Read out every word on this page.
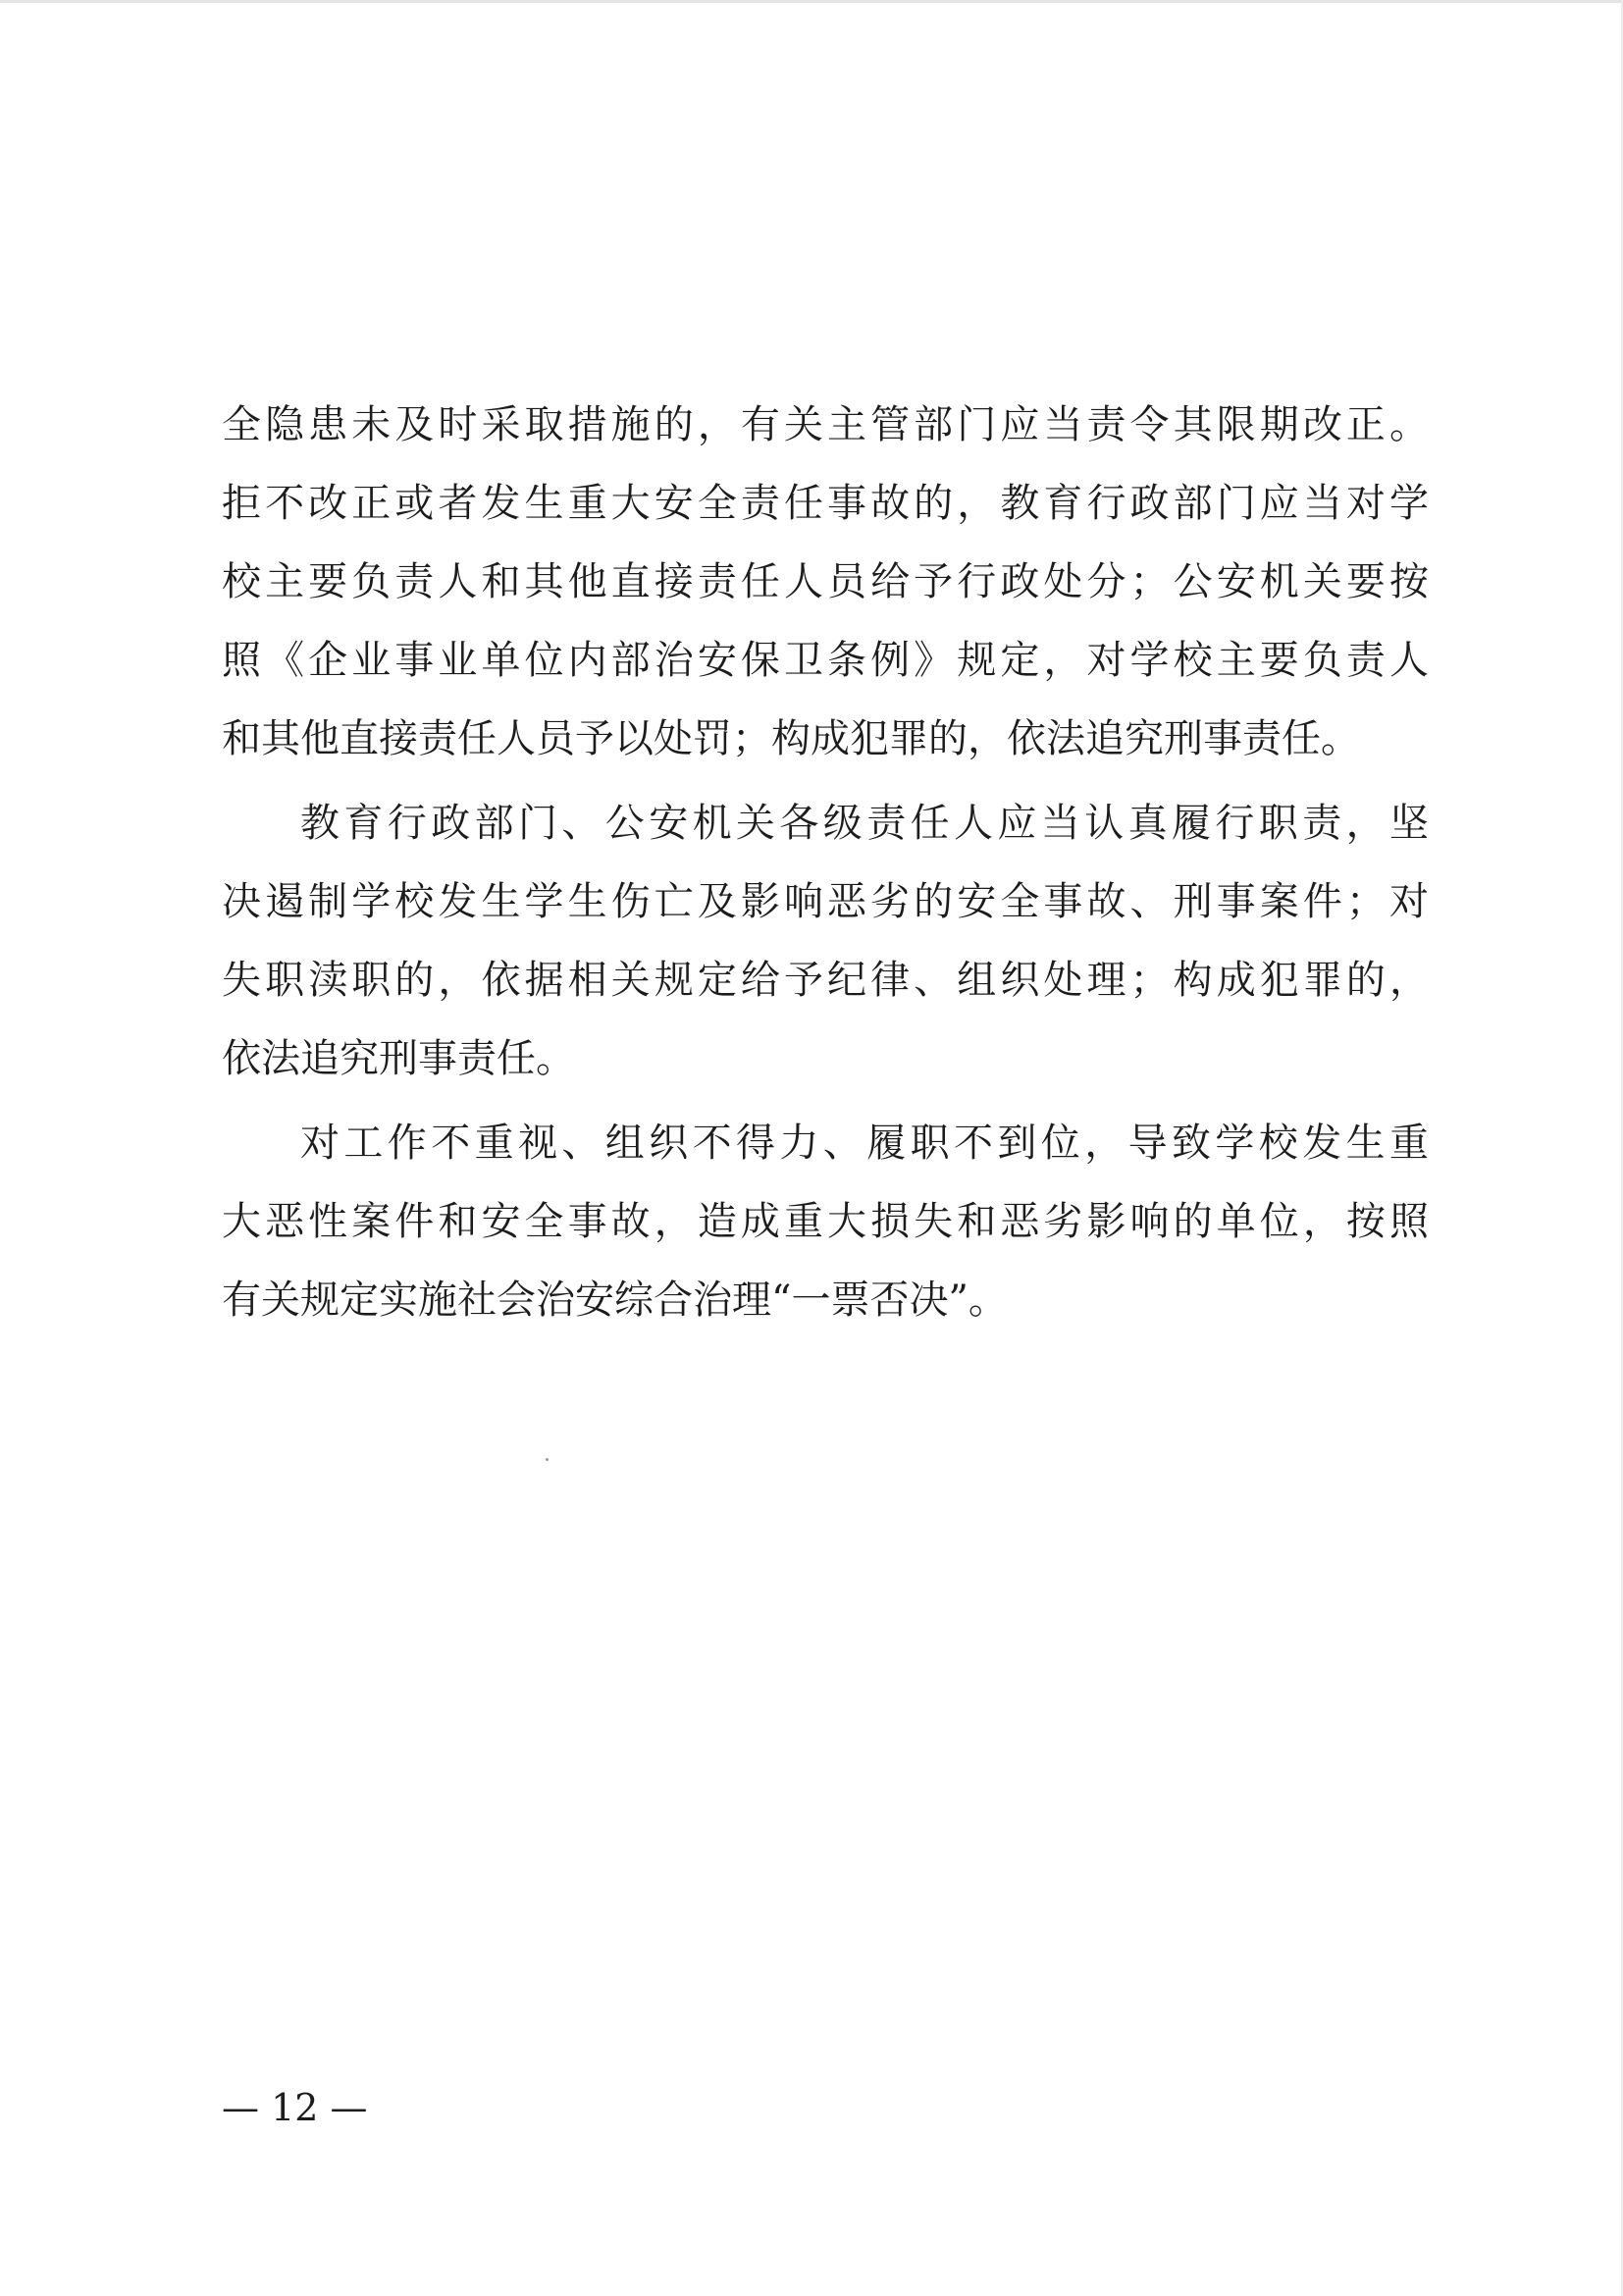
全隐患未及时采取措施的，有关主管部门应当责令其限期改正。
拒不改正或者发生重大安全责任事故的，教育行政部门应当对学
校主要负责人和其他直接责任人员给予行政处分；公安机关要按
照《企业事业单位内部治安保卫条例》规定，对学校主要负责人
和其他直接责任人员予以处罚；构成犯罪的，依法追究刑事责任。
教育行政部门、公安机关各级责任人应当认真履行职责，坚
决遏制学校发生学生伤亡及影响恶劣的安全事故、刑事案件；对
失职渎职的，依据相关规定给予纪律、组织处理；构成犯罪的，
依法追究刑事责任。
对工作不重视、组织不得力、履职不到位，导致学校发生重
大恶性案件和安全事故，造成重大损失和恶劣影响的单位，按照
有关规定实施社会治安综合治理“一票否决”。
— 12 —
